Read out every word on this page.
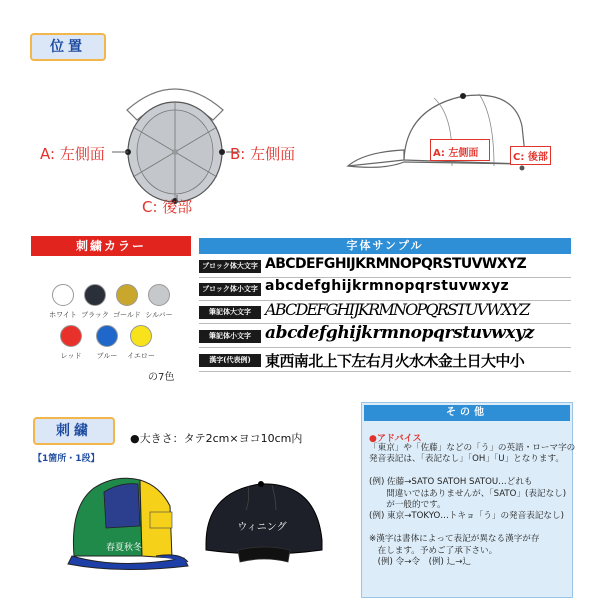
位置
A: 左側面	B: 左側面
C: 後部
A: 左側面	C: 後部
刺繍カラー
ホワイト ブラック ゴールド シルバー
レッド	ブルー	イエロー
の7色
字体サンプル
ブロック体大文字 ABCDEFGHIJKRMNOPQRSTUVWXYZ
ブロック体小文字 abcdefghijkrmnopqrstuvwxyz
筆記体大文字 ABCDEFGHIJKRMNOPQRSTUVWXYZ
筆記体小文字 abcdefghijkrmnopqrstuvwxyz
漢字(代表例) 東西南北上下左右月火水木金土日大中小
刺繍
【1箇所・1段】
●大きさ：タテ2cm×ヨコ10cm内
春夏秋冬
ウィニング
その他
●アドバイス
「東京」や「佐藤」などの「う」の英語・ローマ字の
発音表記は、「表記なし」「OH」「U」となります。

(例) 佐藤→SATO SATOH SATOU…どれも
　　間違いではありませんが、「SATO」(表記なし)
　　が一般的です。
(例) 東京→TOKYO…トキョ「う」の発音表記なし)

※漢字は書体によって表記が異なる漢字が存
　在します。予めご了承下さい。
　(例) 令→令　(例) 辶→辶
